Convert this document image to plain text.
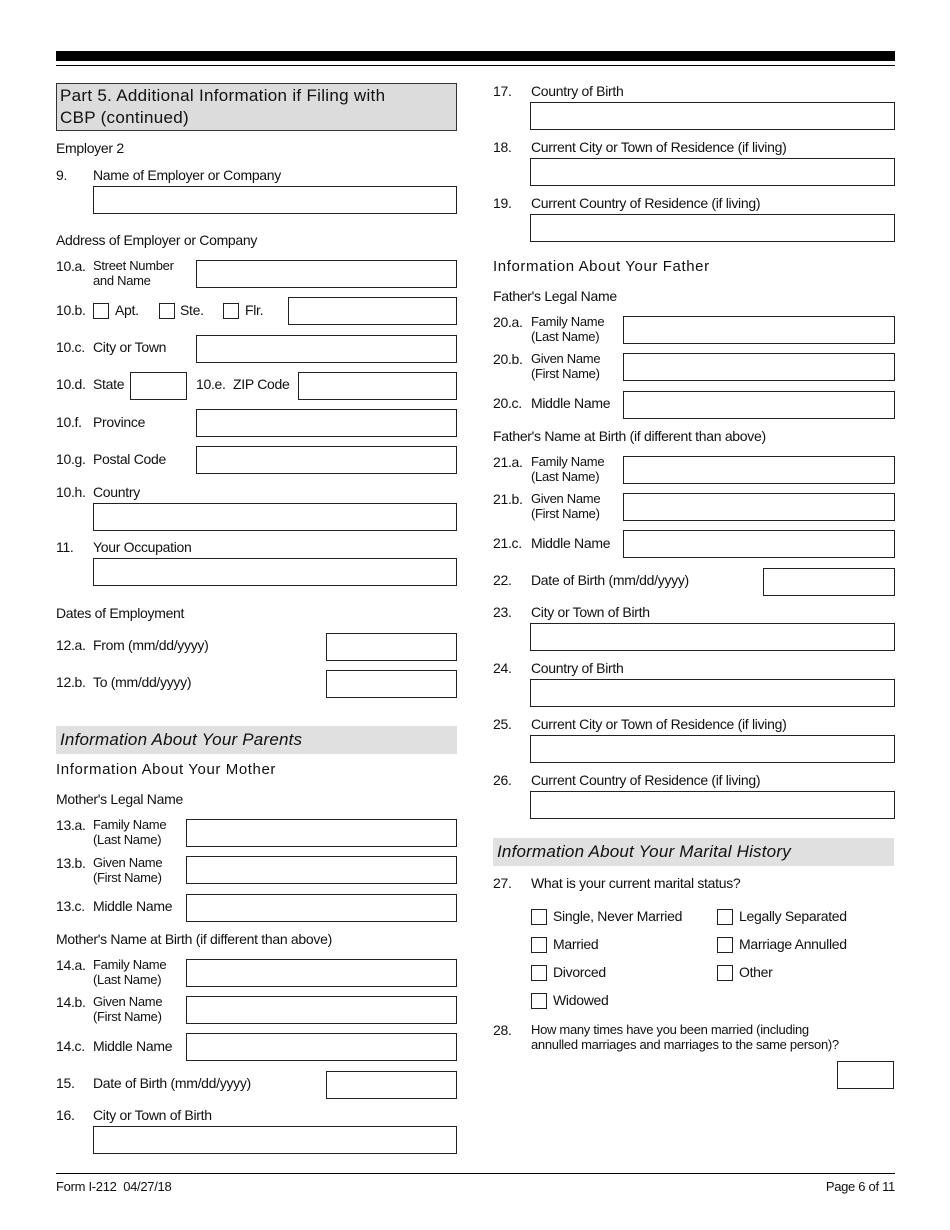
Part 5. Additional Information if Filing with
CBP (continued)
Information About Your Parents
Information About Your Marital History
Employer 2
Address of Employer or Company
Dates of Employment
Information About Your Mother
Mother's Legal Name
Mother's Name at Birth (if different than above)
Information About Your Father
Father's Legal Name
Father's Name at Birth (if different than above)
9. Name of Employer or Company
10.a. Street Number
and Name
10.c. City or Town
10.d. State	10.e. ZIP Code
10.f. Province
10.g. Postal Code
10.h. Country
11. Your Occupation
12.a. From (mm/dd/yyyy)
12.b. To (mm/dd/yyyy)
13.a. Family Name
(Last Name)
13.b. Given Name
(First Name)
13.c. Middle Name
14.a. Family Name
(Last Name)
14.b. Given Name
(First Name)
14.c. Middle Name
15. Date of Birth (mm/dd/yyyy)
16. City or Town of Birth
17. Country of Birth
18. Current City or Town of Residence (if living)
19. Current Country of Residence (if living)
20.a. Family Name
(Last Name)
20.b. Given Name
(First Name)
20.c. Middle Name
21.a. Family Name
(Last Name)
21.b. Given Name
(First Name)
21.c. Middle Name
22. Date of Birth (mm/dd/yyyy)
23. City or Town of Birth
24. Country of Birth
25. Current City or Town of Residence (if living)
26. Current Country of Residence (if living)
28. How many times have you been married (including
annulled marriages and marriages to the same person)?
10.b. Apt.	Ste.	Flr.
27. What is your current marital status?
Single, Never Married
Married
Divorced
Widowed
Legally Separated
Marriage Annulled
Other
Form I-212  04/27/18	Page 6 of 11
